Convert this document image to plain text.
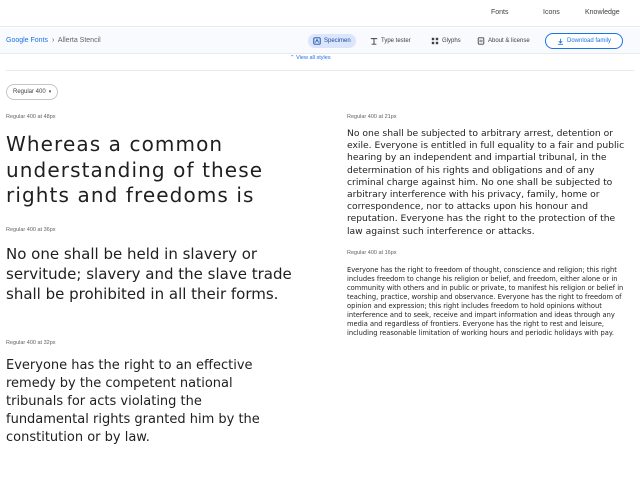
Fonts	Icons	Knowledge
Google Fonts › Allerta Stencil	Specimen	Type tester	Glyphs	About & license	Download family
⌃ View all styles
Regular 400 ▾
Regular 400 at 48px
Whereas a common understanding of these rights and freedoms is
Regular 400 at 36px
No one shall be held in slavery or servitude; slavery and the slave trade shall be prohibited in all their forms.
Regular 400 at 32px
Everyone has the right to an effective remedy by the competent national tribunals for acts violating the fundamental rights granted him by the constitution or by law.
Regular 400 at 21px
No one shall be subjected to arbitrary arrest, detention or exile. Everyone is entitled in full equality to a fair and public hearing by an independent and impartial tribunal, in the determination of his rights and obligations and of any criminal charge against him. No one shall be subjected to arbitrary interference with his privacy, family, home or correspondence, nor to attacks upon his honour and reputation. Everyone has the right to the protection of the law against such interference or attacks.
Regular 400 at 16px
Everyone has the right to freedom of thought, conscience and religion; this right includes freedom to change his religion or belief, and freedom, either alone or in community with others and in public or private, to manifest his religion or belief in teaching, practice, worship and observance. Everyone has the right to freedom of opinion and expression; this right includes freedom to hold opinions without interference and to seek, receive and impart information and ideas through any media and regardless of frontiers. Everyone has the right to rest and leisure, including reasonable limitation of working hours and periodic holidays with pay.
